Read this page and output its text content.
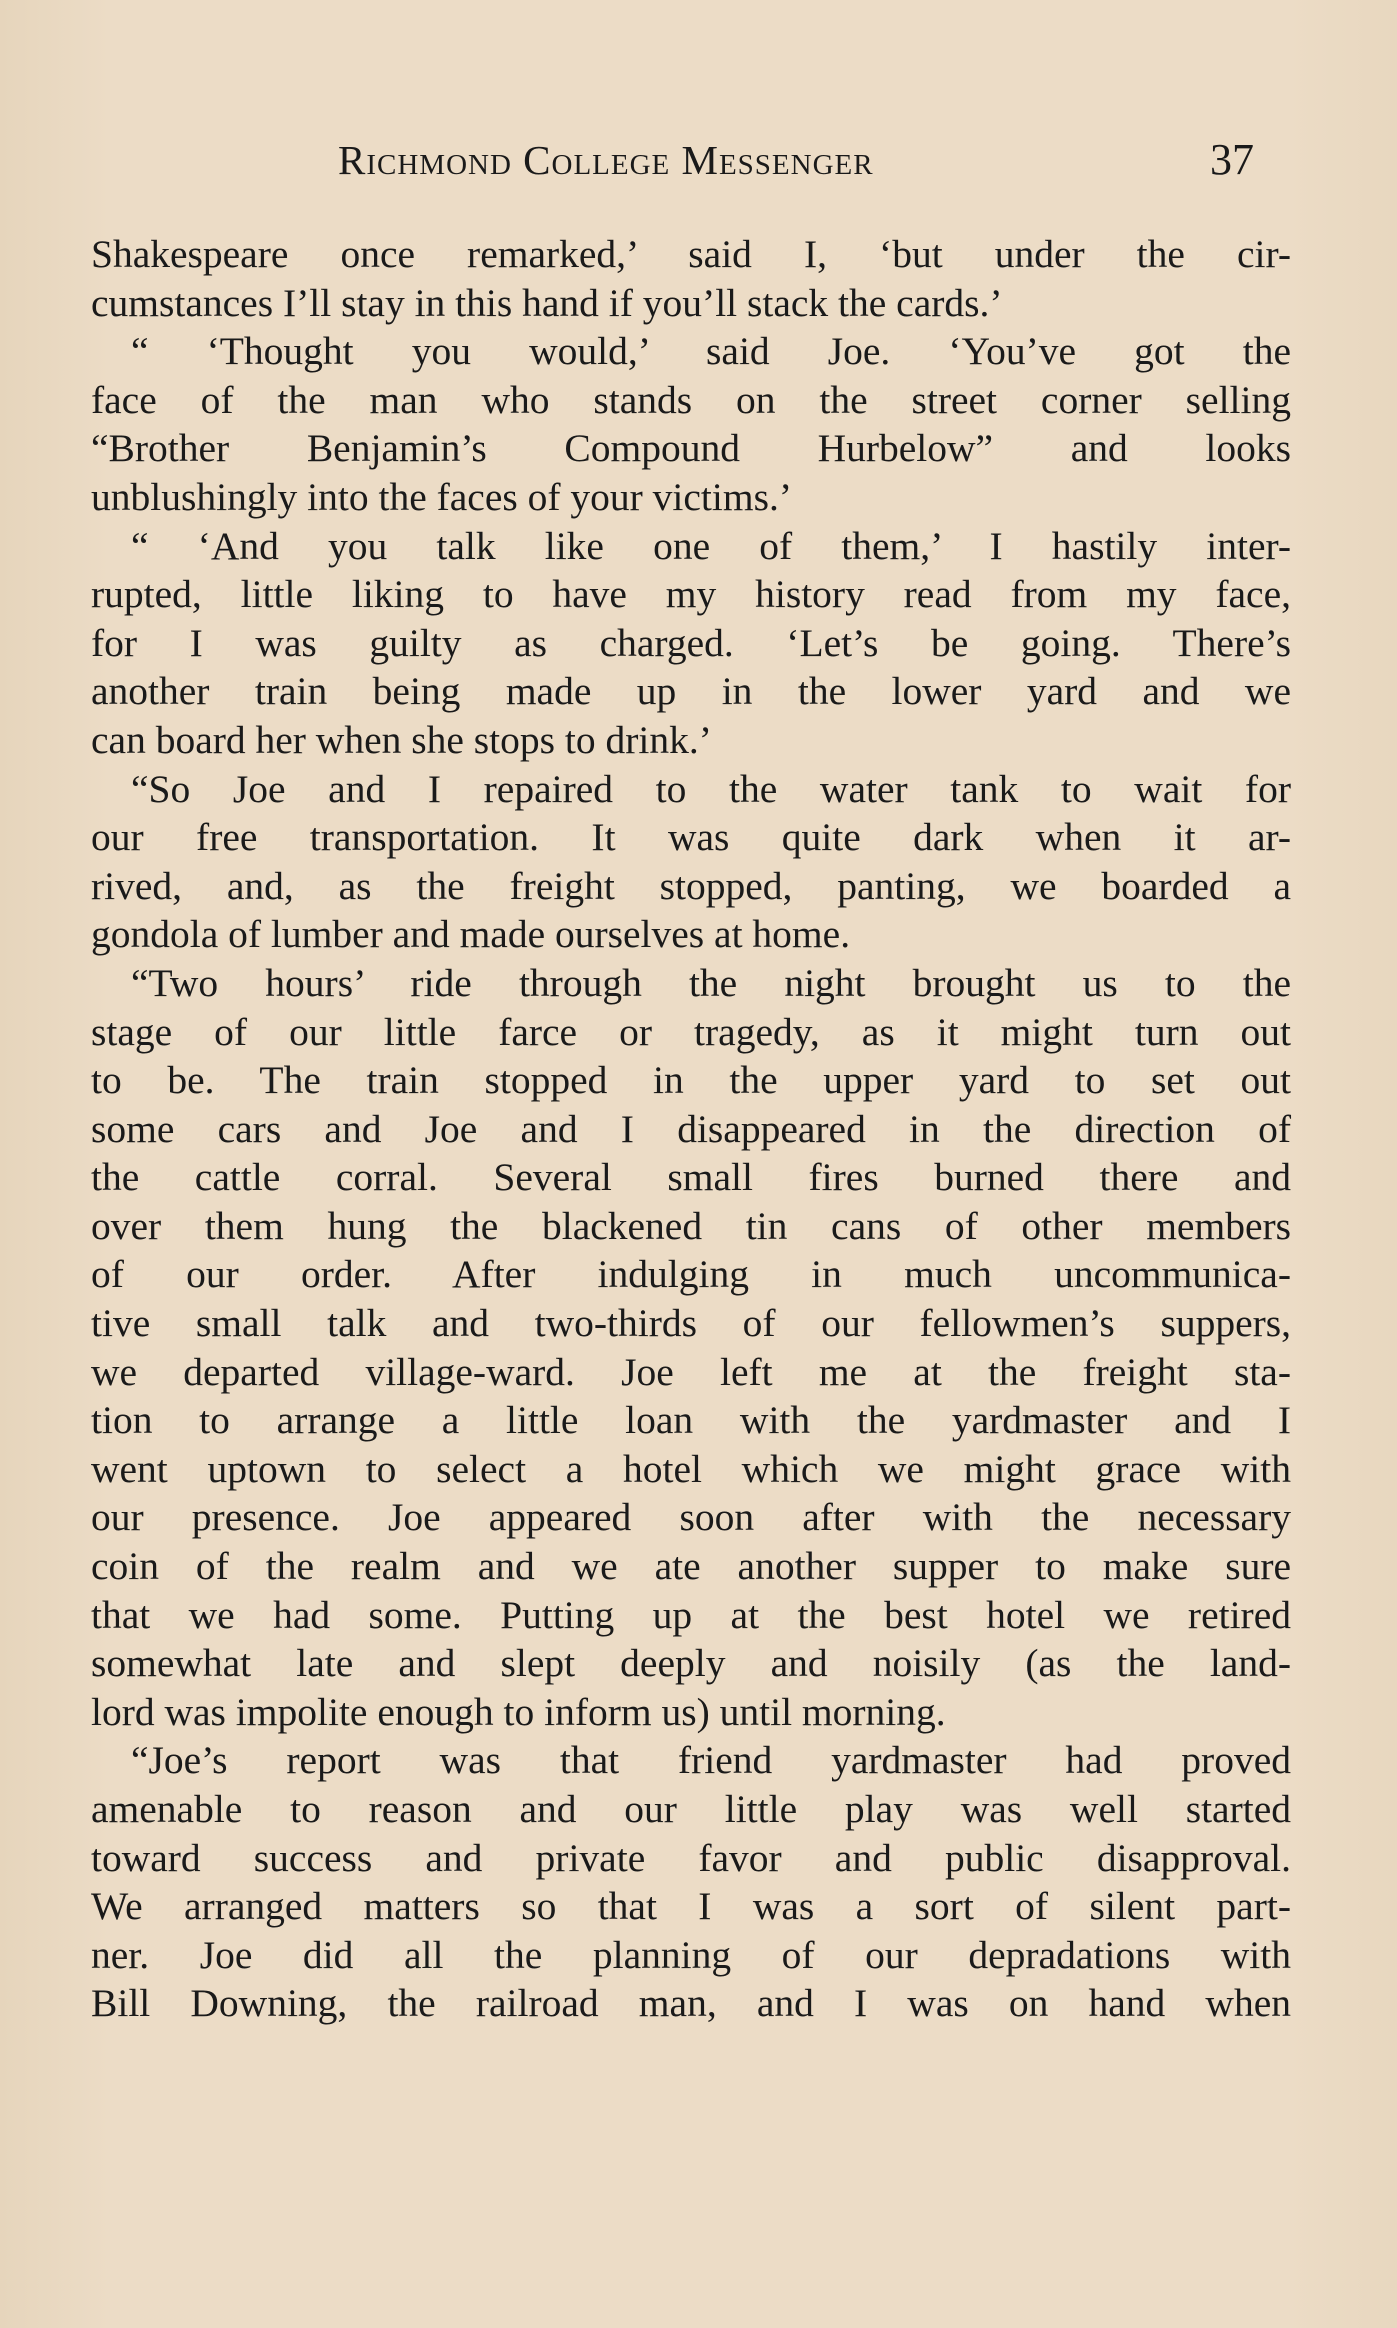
Richmond College Messenger	37
Shakespeare once remarked,’ said I, ‘but under the cir-
cumstances I’ll stay in this hand if you’ll stack the cards.’
“ ‘Thought you would,’ said Joe. ‘You’ve got the
face of the man who stands on the street corner selling
“Brother Benjamin’s Compound Hurbelow” and looks
unblushingly into the faces of your victims.’
“ ‘And you talk like one of them,’ I hastily inter-
rupted, little liking to have my history read from my face,
for I was guilty as charged. ‘Let’s be going. There’s
another train being made up in the lower yard and we
can board her when she stops to drink.’
“So Joe and I repaired to the water tank to wait for
our free transportation. It was quite dark when it ar-
rived, and, as the freight stopped, panting, we boarded a
gondola of lumber and made ourselves at home.
“Two hours’ ride through the night brought us to the
stage of our little farce or tragedy, as it might turn out
to be. The train stopped in the upper yard to set out
some cars and Joe and I disappeared in the direction of
the cattle corral. Several small fires burned there and
over them hung the blackened tin cans of other members
of our order. After indulging in much uncommunica-
tive small talk and two-thirds of our fellowmen’s suppers,
we departed village-ward. Joe left me at the freight sta-
tion to arrange a little loan with the yardmaster and I
went uptown to select a hotel which we might grace with
our presence. Joe appeared soon after with the necessary
coin of the realm and we ate another supper to make sure
that we had some. Putting up at the best hotel we retired
somewhat late and slept deeply and noisily (as the land-
lord was impolite enough to inform us) until morning.
“Joe’s report was that friend yardmaster had proved
amenable to reason and our little play was well started
toward success and private favor and public disapproval.
We arranged matters so that I was a sort of silent part-
ner. Joe did all the planning of our depradations with
Bill Downing, the railroad man, and I was on hand when
